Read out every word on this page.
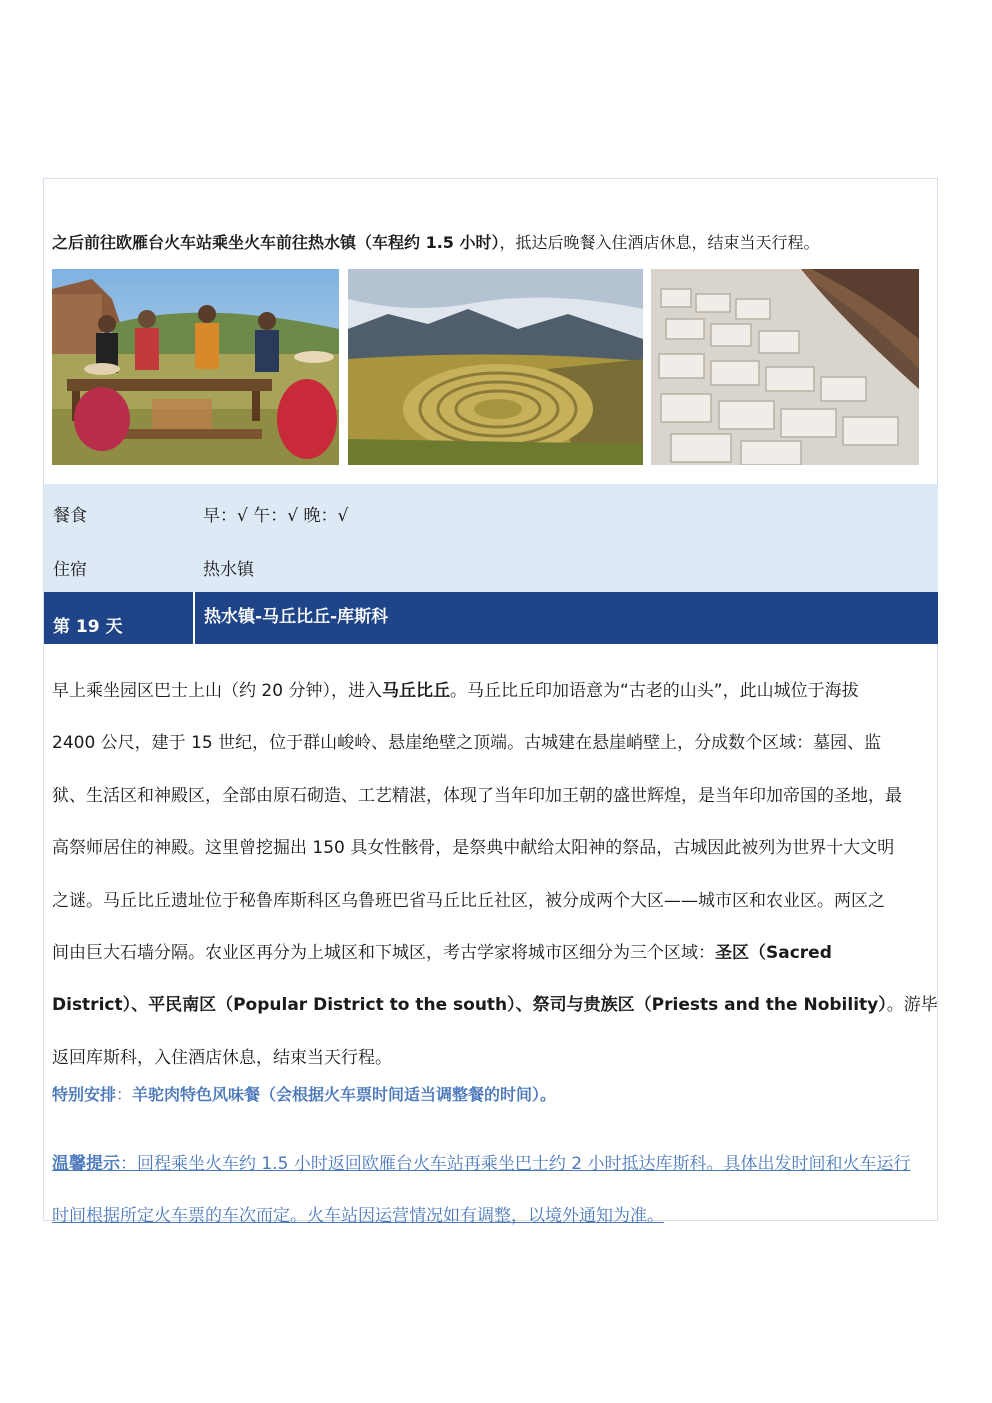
之后前往欧雁台火车站乘坐火车前往热水镇（车程约 1.5 小时），抵达后晚餐入住酒店休息，结束当天行程。
餐食	早：√ 午：√ 晚：√
住宿	热水镇
第 19 天	热水镇-马丘比丘-库斯科

早上乘坐园区巴士上山（约 20 分钟），进入马丘比丘。马丘比丘印加语意为“古老的山头”，此山城位于海拔

2400 公尺，建于 15 世纪，位于群山峻岭、悬崖绝壁之顶端。古城建在悬崖峭壁上，分成数个区域：墓园、监

狱、生活区和神殿区，全部由原石砌造、工艺精湛，体现了当年印加王朝的盛世辉煌，是当年印加帝国的圣地，最

高祭师居住的神殿。这里曾挖掘出 150 具女性骸骨，是祭典中献给太阳神的祭品，古城因此被列为世界十大文明

之谜。马丘比丘遗址位于秘鲁库斯科区乌鲁班巴省马丘比丘社区，被分成两个大区——城市区和农业区。两区之

间由巨大石墙分隔。农业区再分为上城区和下城区，考古学家将城市区细分为三个区域：圣区（Sacred

District）、平民南区（Popular District to the south）、祭司与贵族区（Priests and the Nobility）。游毕

返回库斯科，入住酒店休息，结束当天行程。

特别安排：羊驼肉特色风味餐（会根据火车票时间适当调整餐的时间）。

温馨提示：回程乘坐火车约 1.5 小时返回欧雁台火车站再乘坐巴士约 2 小时抵达库斯科。具体出发时间和火车运行

时间根据所定火车票的车次而定。火车站因运营情况如有调整，以境外通知为准。
